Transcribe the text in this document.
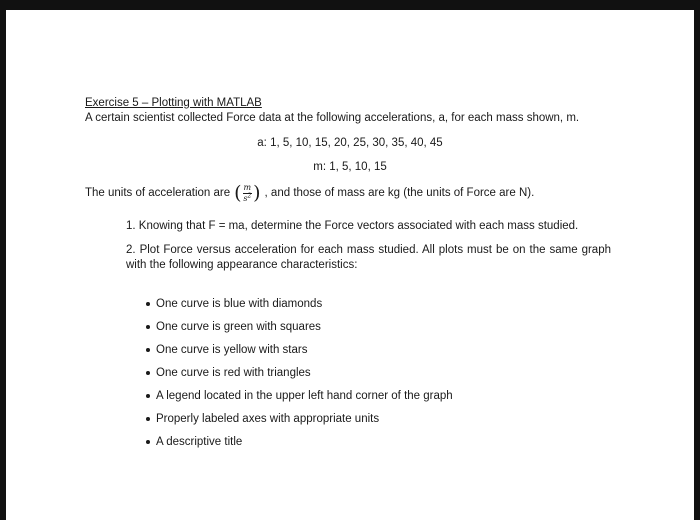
Exercise 5 – Plotting with MATLAB
A certain scientist collected Force data at the following accelerations, a, for each mass shown, m.
a: 1, 5, 10, 15, 20, 25, 30, 35, 40, 45
m: 1, 5, 10, 15
The units of acceleration are ( $\frac{m}{s^2}$ ) , and those of mass are kg (the units of Force are N).
1. Knowing that F = ma, determine the Force vectors associated with each mass studied.
2. Plot Force versus acceleration for each mass studied. All plots must be on the same graph with the following appearance characteristics:
One curve is blue with diamonds
One curve is green with squares
One curve is yellow with stars
One curve is red with triangles
A legend located in the upper left hand corner of the graph
Properly labeled axes with appropriate units
A descriptive title
